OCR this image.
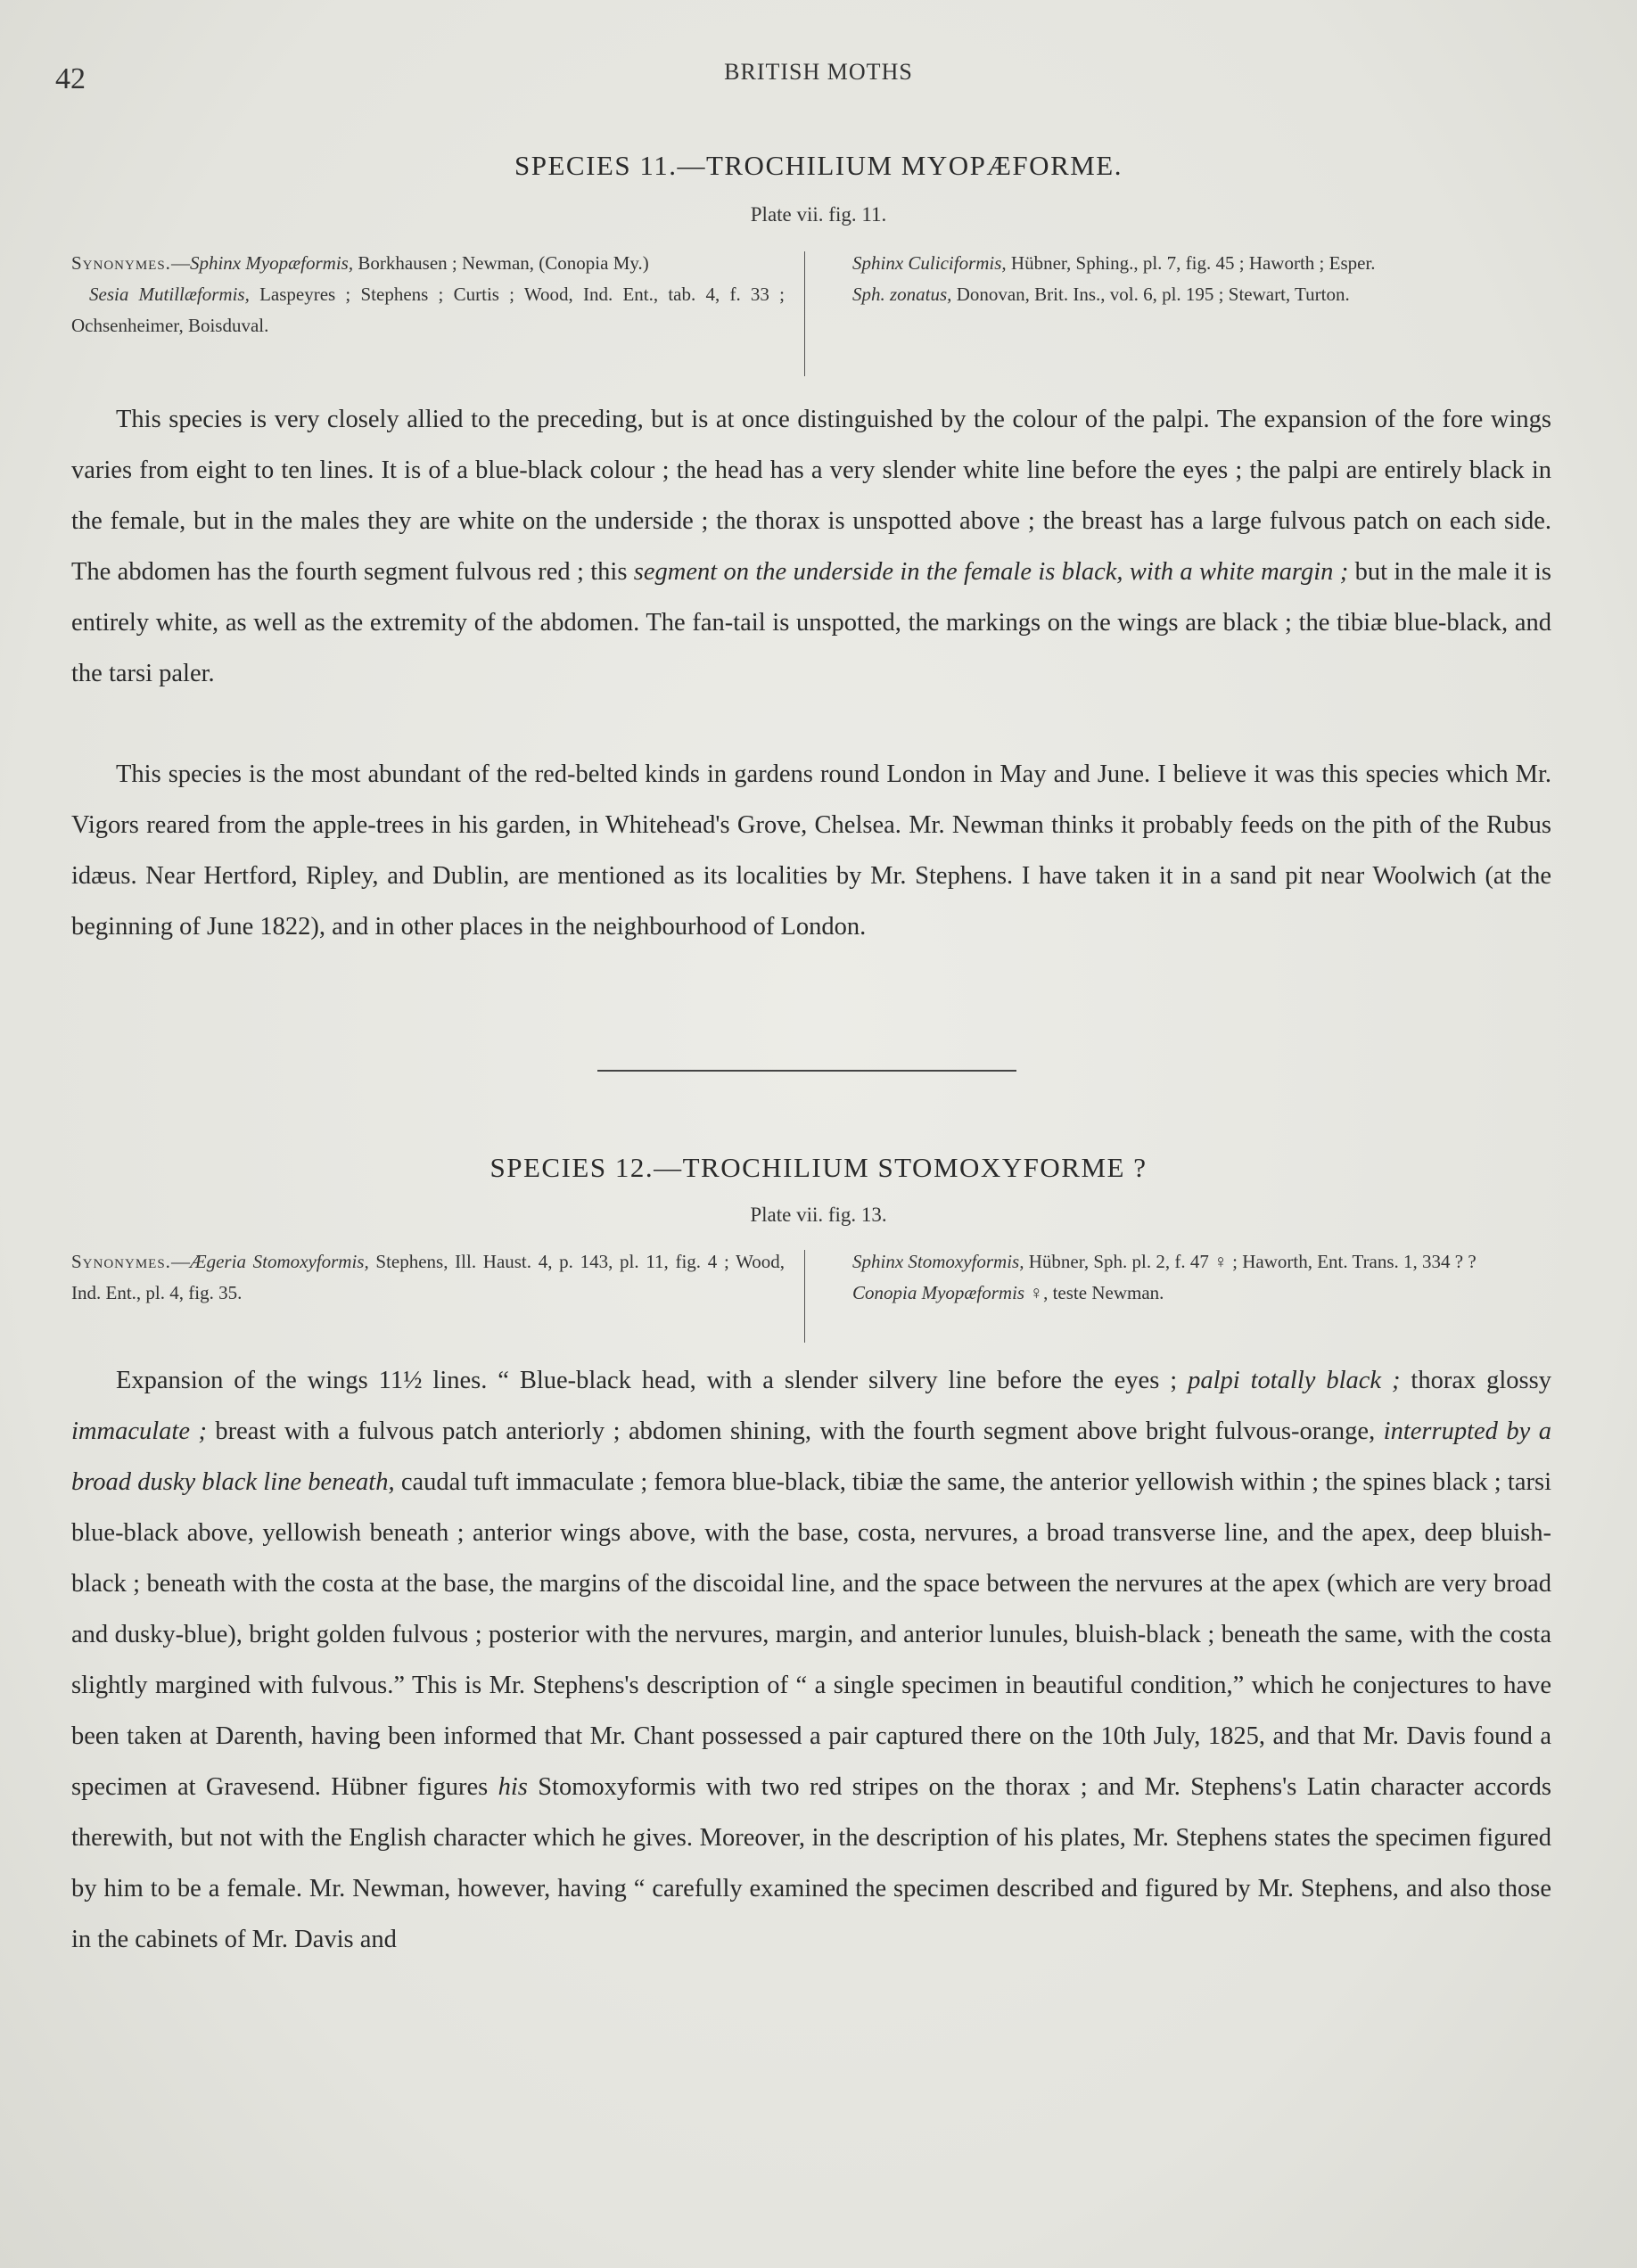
42	BRITISH MOTHS
SPECIES 11.—TROCHILIUM MYOPÆFORME.
Plate vii. fig. 11.
Synonymes.—Sphinx Myopæformis, Borkhausen ; Newman, (Conopia My.)
Sesia Mutillæformis, Laspeyres ; Stephens ; Curtis ; Wood, Ind. Ent., tab. 4, f. 33 ; Ochsenheimer, Boisduval.
Sphinx Culiciformis, Hübner, Sphing., pl. 7, fig. 45 ; Haworth ; Esper.
Sph. zonatus, Donovan, Brit. Ins., vol. 6, pl. 195 ; Stewart, Turton.

This species is very closely allied to the preceding, but is at once distinguished by the colour of the palpi. The expansion of the fore wings varies from eight to ten lines. It is of a blue-black colour ; the head has a very slender white line before the eyes ; the palpi are entirely black in the female, but in the males they are white on the underside ; the thorax is unspotted above ; the breast has a large fulvous patch on each side. The abdomen has the fourth segment fulvous red ; this segment on the underside in the female is black, with a white margin ; but in the male it is entirely white, as well as the extremity of the abdomen. The fan-tail is unspotted, the markings on the wings are black ; the tibiæ blue-black, and the tarsi paler.

This species is the most abundant of the red-belted kinds in gardens round London in May and June. I believe it was this species which Mr. Vigors reared from the apple-trees in his garden, in Whitehead's Grove, Chelsea. Mr. Newman thinks it probably feeds on the pith of the Rubus idæus. Near Hertford, Ripley, and Dublin, are mentioned as its localities by Mr. Stephens. I have taken it in a sand pit near Woolwich (at the beginning of June 1822), and in other places in the neighbourhood of London.

SPECIES 12.—TROCHILIUM STOMOXYFORME ?
Plate vii. fig. 13.
Synonymes.—Ægeria Stomoxyformis, Stephens, Ill. Haust. 4, p. 143, pl. 11, fig. 4 ; Wood, Ind. Ent., pl. 4, fig. 35.
Sphinx Stomoxyformis, Hübner, Sph. pl. 2, f. 47 ♀ ; Haworth, Ent. Trans. 1, 334 ? ?
Conopia Myopæformis ♀, teste Newman.

Expansion of the wings 11½ lines. “ Blue-black head, with a slender silvery line before the eyes ; palpi totally black ; thorax glossy immaculate ; breast with a fulvous patch anteriorly ; abdomen shining, with the fourth segment above bright fulvous-orange, interrupted by a broad dusky black line beneath, caudal tuft immaculate ; femora blue-black, tibiæ the same, the anterior yellowish within ; the spines black ; tarsi blue-black above, yellowish beneath ; anterior wings above, with the base, costa, nervures, a broad transverse line, and the apex, deep bluish-black ; beneath with the costa at the base, the margins of the discoidal line, and the space between the nervures at the apex (which are very broad and dusky-blue), bright golden fulvous ; posterior with the nervures, margin, and anterior lunules, bluish-black ; beneath the same, with the costa slightly margined with fulvous.” This is Mr. Stephens's description of “ a single specimen in beautiful condition,” which he conjectures to have been taken at Darenth, having been informed that Mr. Chant possessed a pair captured there on the 10th July, 1825, and that Mr. Davis found a specimen at Gravesend. Hübner figures his Stomoxyformis with two red stripes on the thorax ; and Mr. Stephens's Latin character accords therewith, but not with the English character which he gives. Moreover, in the description of his plates, Mr. Stephens states the specimen figured by him to be a female. Mr. Newman, however, having “ carefully examined the specimen described and figured by Mr. Stephens, and also those in the cabinets of Mr. Davis and
